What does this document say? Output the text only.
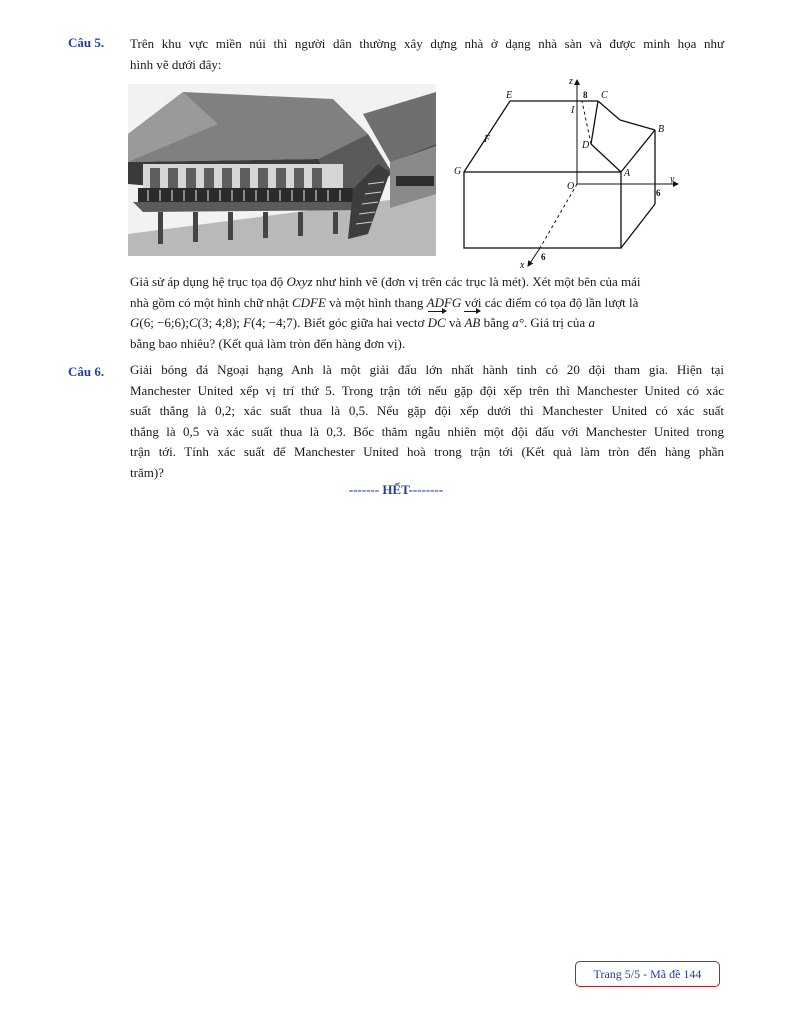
Câu 5. Trên khu vực miền núi thì người dân thường xây dựng nhà ở dạng nhà sàn và được minh họa như
hình vẽ dưới đây:
z
y
x
O
I
E
F
G
C
D
B
A
8
6
6
Giả sử áp dụng hệ trục tọa độ Oxyz như hình vẽ (đơn vị trên các trục là mét). Xét một bên của mái
nhà gồm có một hình chữ nhật CDFE và một hình thang ADFG với các điểm có tọa độ lần lượt là
G(6; −6;6);C(3; 4;8); F(4; −4;7). Biết góc giữa hai vectơ DC và AB bằng a°. Giá trị của a
bằng bao nhiêu? (Kết quả làm tròn đến hàng đơn vị).
Câu 6. Giải bóng đá Ngoại hạng Anh là một giải đấu lớn nhất hành tinh có 20 đội tham gia. Hiện tại
Manchester United xếp vị trí thứ 5. Trong trận tới nếu gặp đội xếp trên thì Manchester United có xác
suất thắng là 0,2; xác suất thua là 0,5. Nếu gặp đội xếp dưới thì Manchester United có xác suất
thắng là 0,5 và xác suất thua là 0,3. Bốc thăm ngẫu nhiên một đội đấu với Manchester United trong
trận tới. Tính xác suất để Manchester United hoà trong trận tới (Kết quả làm tròn đến hàng phần
trăm)?
------- HẾT--------
Trang 5/5 - Mã đề 144
